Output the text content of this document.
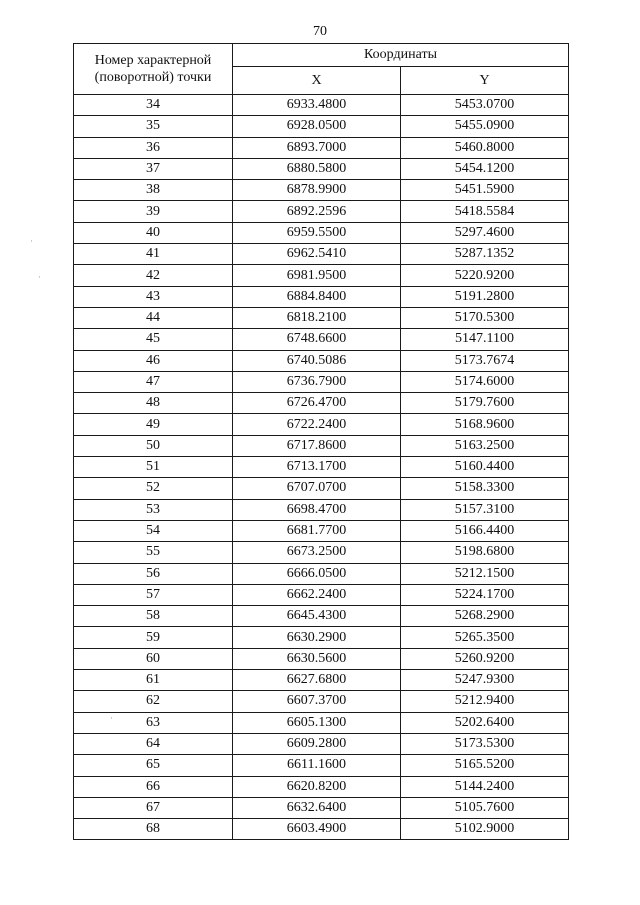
70
·
·
·
Номер характерной (поворотной) точки	Координаты	
	X	Y
34	6933.4800	5453.0700
35	6928.0500	5455.0900
36	6893.7000	5460.8000
37	6880.5800	5454.1200
38	6878.9900	5451.5900
39	6892.2596	5418.5584
40	6959.5500	5297.4600
41	6962.5410	5287.1352
42	6981.9500	5220.9200
43	6884.8400	5191.2800
44	6818.2100	5170.5300
45	6748.6600	5147.1100
46	6740.5086	5173.7674
47	6736.7900	5174.6000
48	6726.4700	5179.7600
49	6722.2400	5168.9600
50	6717.8600	5163.2500
51	6713.1700	5160.4400
52	6707.0700	5158.3300
53	6698.4700	5157.3100
54	6681.7700	5166.4400
55	6673.2500	5198.6800
56	6666.0500	5212.1500
57	6662.2400	5224.1700
58	6645.4300	5268.2900
59	6630.2900	5265.3500
60	6630.5600	5260.9200
61	6627.6800	5247.9300
62	6607.3700	5212.9400
63	6605.1300	5202.6400
64	6609.2800	5173.5300
65	6611.1600	5165.5200
66	6620.8200	5144.2400
67	6632.6400	5105.7600
68	6603.4900	5102.9000
